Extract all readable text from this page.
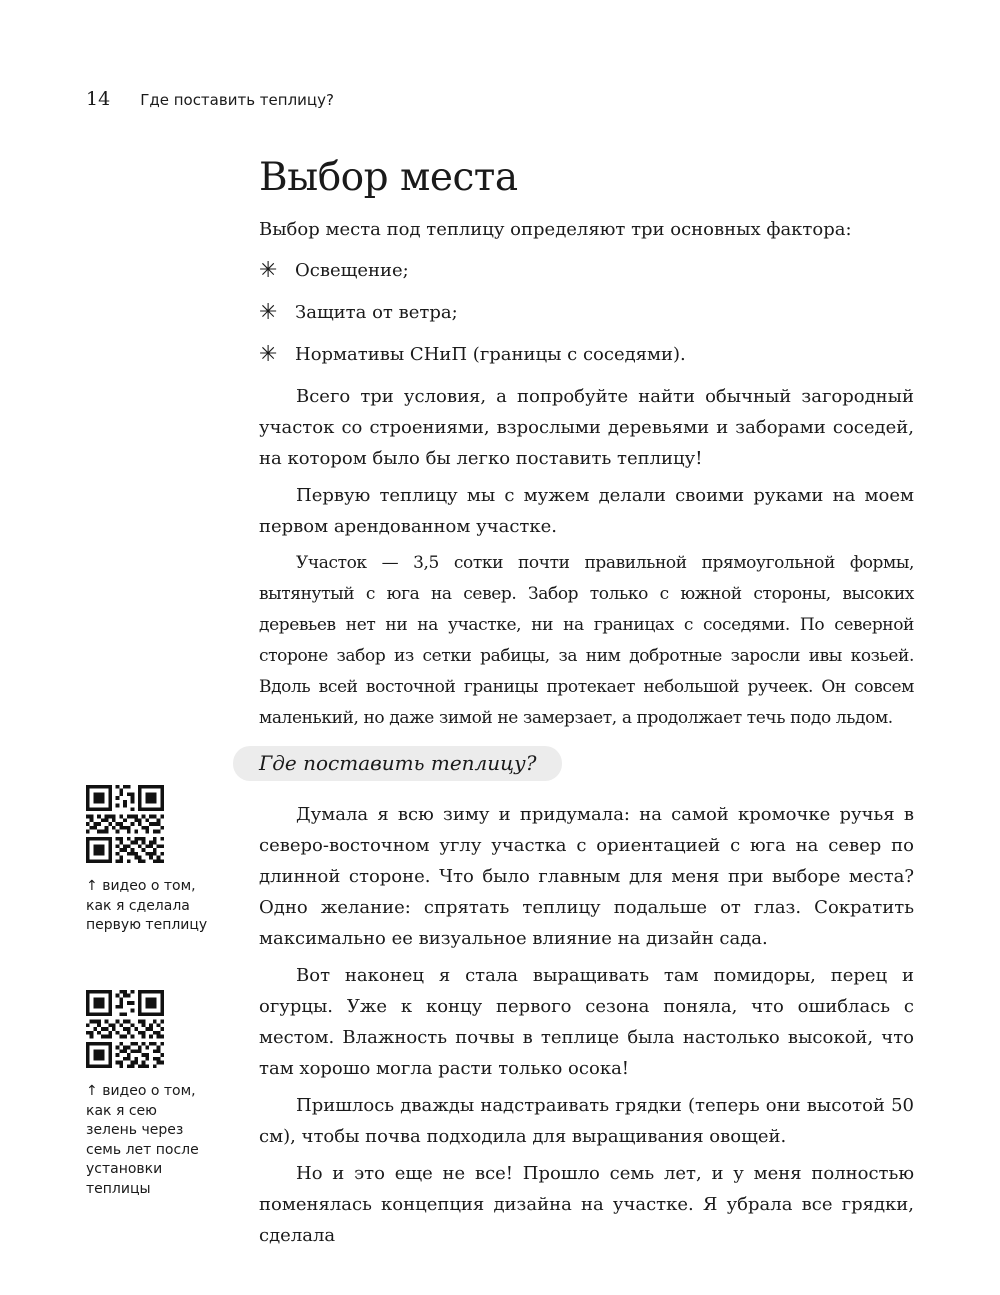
14 Где поставить теплицу?
Выбор места

Выбор места под теплицу определяют три основных фактора:

✳ Освещение;
✳ Защита от ветра;
✳ Нормативы СНиП (границы с соседями).

Всего три условия, а попробуйте найти обычный загородный участок со строениями, взрослыми деревьями и заборами соседей, на котором было бы легко поставить теплицу!

Первую теплицу мы с мужем делали своими руками на моем первом арендованном участке.

Участок — 3,5 сотки почти правильной прямоугольной формы, вытянутый с юга на север. Забор только с южной стороны, высоких деревьев нет ни на участке, ни на границах с соседями. По северной стороне забор из сетки рабицы, за ним добротные заросли ивы козьей. Вдоль всей восточной границы протекает небольшой ручеек. Он совсем маленький, но даже зимой не замерзает, а продолжает течь подо льдом.

Где поставить теплицу?

Думала я всю зиму и придумала: на самой кромочке ручья в северо-восточном углу участка с ориентацией с юга на север по длинной стороне. Что было главным для меня при выборе места? Одно желание: спрятать теплицу подальше от глаз. Сократить максимально ее визуальное влияние на дизайн сада.

Вот наконец я стала выращивать там помидоры, перец и огурцы. Уже к концу первого сезона поняла, что ошиблась с местом. Влажность почвы в теплице была настолько высокой, что там хорошо могла расти только осока!

Пришлось дважды надстраивать грядки (теперь они высотой 50 см), чтобы почва подходила для выращивания овощей.

Но и это еще не все! Прошло семь лет, и у меня полностью поменялась концепция дизайна на участке. Я убрала все грядки, сделала

↑ видео о том,
как я сделала
первую теплицу
↑ видео о том,
как я сею
зелень через
семь лет после
установки
теплицы
